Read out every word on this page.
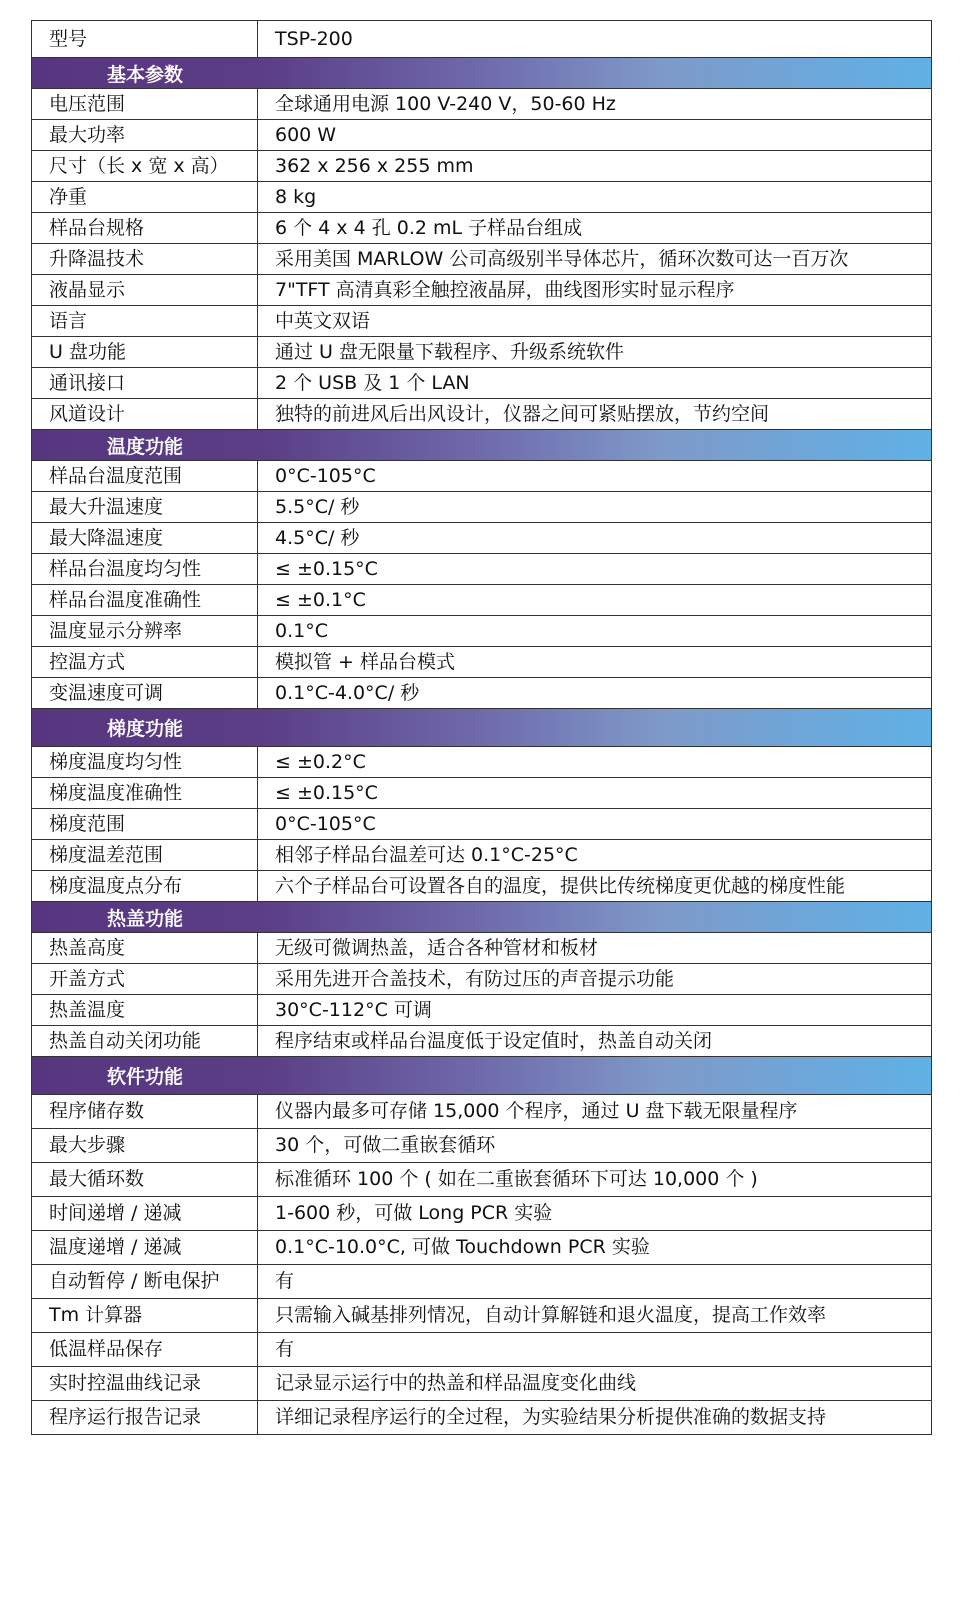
型号	TSP-200
基本参数
电压范围	全球通用电源 100 V-240 V，50-60 Hz
最大功率	600 W
尺寸（长 x 宽 x 高）	362 x 256 x 255 mm
净重	8 kg
样品台规格	6 个 4 x 4 孔 0.2 mL 子样品台组成
升降温技术	采用美国 MARLOW 公司高级别半导体芯片，循环次数可达一百万次
液晶显示	7"TFT 高清真彩全触控液晶屏，曲线图形实时显示程序
语言	中英文双语
U 盘功能	通过 U 盘无限量下载程序、升级系统软件
通讯接口	2 个 USB 及 1 个 LAN
风道设计	独特的前进风后出风设计，仪器之间可紧贴摆放，节约空间
温度功能
样品台温度范围	0°C-105°C
最大升温速度	5.5°C/ 秒
最大降温速度	4.5°C/ 秒
样品台温度均匀性	≤ ±0.15°C
样品台温度准确性	≤ ±0.1°C
温度显示分辨率	0.1°C
控温方式	模拟管 + 样品台模式
变温速度可调	0.1°C-4.0°C/ 秒
梯度功能
梯度温度均匀性	≤ ±0.2°C
梯度温度准确性	≤ ±0.15°C
梯度范围	0°C-105°C
梯度温差范围	相邻子样品台温差可达 0.1°C-25°C
梯度温度点分布	六个子样品台可设置各自的温度，提供比传统梯度更优越的梯度性能
热盖功能
热盖高度	无级可微调热盖，适合各种管材和板材
开盖方式	采用先进开合盖技术，有防过压的声音提示功能
热盖温度	30°C-112°C 可调
热盖自动关闭功能	程序结束或样品台温度低于设定值时，热盖自动关闭
软件功能
程序储存数	仪器内最多可存储 15,000 个程序，通过 U 盘下载无限量程序
最大步骤	30 个，可做二重嵌套循环
最大循环数	标准循环 100 个 ( 如在二重嵌套循环下可达 10,000 个 )
时间递增 / 递减	1-600 秒，可做 Long PCR 实验
温度递增 / 递减	0.1°C-10.0°C, 可做 Touchdown PCR 实验
自动暂停 / 断电保护	有
Tm 计算器	只需输入碱基排列情况，自动计算解链和退火温度，提高工作效率
低温样品保存	有
实时控温曲线记录	记录显示运行中的热盖和样品温度变化曲线
程序运行报告记录	详细记录程序运行的全过程，为实验结果分析提供准确的数据支持
